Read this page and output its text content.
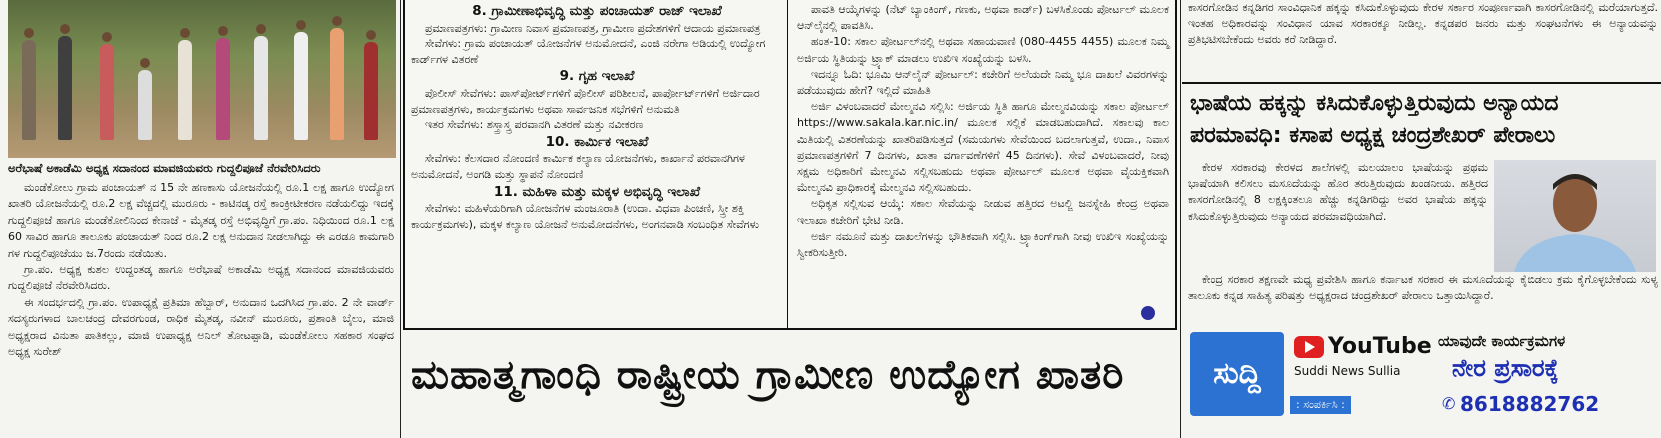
ಅರೆಭಾಷೆ ಅಕಾಡೆಮಿ ಅಧ್ಯಕ್ಷ ಸದಾನಂದ ಮಾವಜಿಯವರು ಗುದ್ದಲಿಪೂಜೆ ನೆರವೇರಿಸಿದರು

ಮಂಡೆಕೋಲು ಗ್ರಾಮ ಪಂಚಾಯತ್ ನ 15 ನೇ ಹಣಕಾಸು ಯೋಜನೆಯಲ್ಲಿ ರೂ.1 ಲಕ್ಷ ಹಾಗೂ ಉದ್ಯೋಗ ಖಾತರಿ ಯೋಜನೆಯಲ್ಲಿ ರೂ.2 ಲಕ್ಷ ವೆಚ್ಚದಲ್ಲಿ ಮುರೂರು - ಕಾಟಿನಡ್ಕ ರಸ್ತೆ ಕಾಂಕ್ರೀಟೀಕರಣ ನಡೆಯಲಿದ್ದು ಇದಕ್ಕೆ ಗುದ್ದಲಿಪೂಜೆ ಹಾಗೂ ಮಂಡೆಕೋಲಿನಿಂದ ಕೇನಾಜೆ - ಮೈತಡ್ಕ ರಸ್ತೆ ಅಭಿವೃದ್ಧಿಗೆ ಗ್ರಾ.ಪಂ. ನಿಧಿಯಿಂದ ರೂ.1 ಲಕ್ಷ 60 ಸಾವಿರ ಹಾಗೂ ತಾಲೂಕು ಪಂಚಾಯತ್ ನಿಂದ ರೂ.2 ಲಕ್ಷ ಅನುದಾನ ನೀಡಲಾಗಿದ್ದು ಈ ಎರಡೂ ಕಾಮಗಾರಿ ಗಳ ಗುದ್ದಲಿಪೂಜೆಯು ಜ.7ರಂದು ನಡೆಯಿತು.

ಗ್ರಾ.ಪಂ. ಅಧ್ಯಕ್ಷ ಕುಶಲ ಉದ್ದಂತಡ್ಕ ಹಾಗೂ ಅರೆಭಾಷೆ ಅಕಾಡೆಮಿ ಅಧ್ಯಕ್ಷ ಸದಾನಂದ ಮಾವಜಿಯವರು ಗುದ್ದಲಿಪೂಜೆ ನೆರವೇರಿಸಿದರು.

ಈ ಸಂದರ್ಭದಲ್ಲಿ ಗ್ರಾ.ಪಂ. ಉಪಾಧ್ಯಕ್ಷೆ ಪ್ರತಿಮಾ ಹೆಬ್ಬಾರ್, ಅನುದಾನ ಒದಗಿಸಿದ ಗ್ರಾ.ಪಂ. 2 ನೇ ವಾರ್ಡ್ ಸದಸ್ಯರುಗಳಾದ ಬಾಲಚಂದ್ರ ದೇವರಗುಂಡ, ರಾಧಿಕ ಮೈತಡ್ಕ, ನವೀನ್ ಮುರೂರು, ಪ್ರಶಾಂತಿ ಬೈಲು, ಮಾಜಿ ಅಧ್ಯಕ್ಷರಾದ ವಿನುತಾ ಪಾತಿಕಲ್ಲು, ಮಾಜಿ ಉಪಾಧ್ಯಕ್ಷ ಅನಿಲ್ ತೋಟಪ್ಪಾಡಿ, ಮಂಡೆಕೋಲು ಸಹಕಾರ ಸಂಘದ ಅಧ್ಯಕ್ಷ ಸುರೇಶ್

8. ಗ್ರಾಮೀಣಾಭಿವೃದ್ಧಿ ಮತ್ತು ಪಂಚಾಯತ್ ರಾಜ್ ಇಲಾಖೆ
ಪ್ರಮಾಣಪತ್ರಗಳು: ಗ್ರಾಮೀಣ ನಿವಾಸ ಪ್ರಮಾಣಪತ್ರ, ಗ್ರಾಮೀಣ ಪ್ರದೇಶಗಳಿಗೆ ಆದಾಯ ಪ್ರಮಾಣಪತ್ರ
ಸೇವೆಗಳು: ಗ್ರಾಮ ಪಂಚಾಯತ್ ಯೋಜನೆಗಳ ಅನುಮೋದನೆ, ಎಂಜಿ ನರೇಗಾ ಅಡಿಯಲ್ಲಿ ಉದ್ಯೋಗ ಕಾರ್ಡ್‌ಗಳ ವಿತರಣೆ
9. ಗೃಹ ಇಲಾಖೆ
ಪೊಲೀಸ್ ಸೇವೆಗಳು: ಪಾಸ್‌ಪೋರ್ಟ್‌ಗಳಿಗೆ ಪೊಲೀಸ್ ಪರಿಶೀಲನೆ, ಪಾರ್ಪೋರ್ಟ್‌ಗಳಿಗೆ ಅರ್ಜಿದಾರ ಪ್ರಮಾಣಪತ್ರಗಳು, ಕಾರ್ಯಕ್ರಮಗಳು ಅಥವಾ ಸಾರ್ವಜನಿಕ ಸಭೆಗಳಿಗೆ ಅನುಮತಿ
ಇತರ ಸೇವೆಗಳು: ಶಸ್ತ್ರಾಸ್ತ್ರ ಪರವಾನಗಿ ವಿತರಣೆ ಮತ್ತು ನವೀಕರಣ
10. ಕಾರ್ಮಿಕ ಇಲಾಖೆ
ಸೇವೆಗಳು: ಕೆಲಸದಾರ ನೋಂದಣಿ ಕಾರ್ಮಿಕ ಕಲ್ಯಾಣ ಯೋಜನೆಗಳು, ಕಾರ್ಖಾನೆ ಪರವಾನಗಿಗಳ ಅನುಮೋದನೆ, ಅಂಗಡಿ ಮತ್ತು ಸ್ಥಾಪನೆ ನೋಂದಣಿ
11. ಮಹಿಳಾ ಮತ್ತು ಮಕ್ಕಳ ಅಭಿವೃದ್ಧಿ ಇಲಾಖೆ
ಸೇವೆಗಳು: ಮಹಿಳೆಯರಿಗಾಗಿ ಯೋಜನೆಗಳ ಮಂಜೂರಾತಿ (ಉದಾ. ವಿಧವಾ ಪಿಂಚಣಿ, ಸ್ತ್ರೀ ಶಕ್ತಿ ಕಾರ್ಯಕ್ರಮಗಳು), ಮಕ್ಕಳ ಕಲ್ಯಾಣ ಯೋಜನೆ ಅನುಮೋದನೆಗಳು, ಅಂಗನವಾಡಿ ಸಂಬಂಧಿತ ಸೇವೆಗಳು

ಪಾವತಿ ಆಯ್ಕೆಗಳನ್ನು (ನೆಟ್ ಬ್ಯಾಂಕಿಂಗ್, ಗಣಕು, ಅಥವಾ ಕಾರ್ಡ್) ಬಳಸಿಕೊಂಡು ಪೋರ್ಟಲ್ ಮೂಲಕ ಆನ್‌ಲೈನಲ್ಲಿ ಪಾವತಿಸಿ.

ಹಂತ-10: ಸಕಾಲ ಪೋರ್ಟಲ್‌ನಲ್ಲಿ ಅಥವಾ ಸಹಾಯವಾಣಿ (080-4455 4455) ಮೂಲಕ ನಿಮ್ಮ ಅರ್ಜಿಯ ಸ್ಥಿತಿಯನ್ನು ಟ್ರ್ಯಾಕ್ ಮಾಡಲು ಉಖಿಇ ಸಂಖ್ಯೆಯನ್ನು ಬಳಸಿ.

ಇದನ್ನೂ ಓದಿ: ಭೂಮಿ ಆನ್‌ಲೈನ್ ಪೋರ್ಟಲ್: ಕಚೇರಿಗೆ ಅಲೆಯದೇ ನಿಮ್ಮ ಭೂ ದಾಖಲೆ ವಿವರಗಳನ್ನು ಪಡೆಯುವುದು ಹೇಗೆ? ಇಲ್ಲಿದೆ ಮಾಹಿತಿ

ಅರ್ಜಿ ವಿಳಂಬವಾದರೆ ಮೇಲ್ಮನವಿ ಸಲ್ಲಿಸಿ: ಅರ್ಜಿಯ ಸ್ಥಿತಿ ಹಾಗೂ ಮೇಲ್ಮನವಿಯನ್ನು ಸಕಾಲ ಪೋರ್ಟಲ್ https://www.sakala.kar.nic.in/ ಮೂಲಕ ಸಲ್ಲಿಕೆ ಮಾಡಬಹುದಾಗಿದೆ. ಸಕಾಲವು ಕಾಲ ಮಿತಿಯಲ್ಲಿ ವಿತರಣೆಯನ್ನು ಖಾತರಿಪಡಿಸುತ್ತದೆ (ಸಮಯಗಳು ಸೇವೆಯಿಂದ ಬದಲಾಗುತ್ತವೆ, ಉದಾ., ನಿವಾಸ ಪ್ರಮಾಣಪತ್ರಗಳಿಗೆ 7 ದಿನಗಳು, ಖಾತಾ ವರ್ಗಾವಣೆಗಳಿಗೆ 45 ದಿನಗಳು). ಸೇವೆ ವಿಳಂಬವಾದರೆ, ನೀವು ಸಕ್ಷಮ ಅಧಿಕಾರಿಗೆ ಮೇಲ್ಮನವಿ ಸಲ್ಲಿಸಬಹುದು ಅಥವಾ ಪೋರ್ಟಲ್ ಮೂಲಕ ಅಥವಾ ವೈಯಕ್ತಿಕವಾಗಿ ಮೇಲ್ಮನವಿ ಪ್ರಾಧಿಕಾರಕ್ಕೆ ಮೇಲ್ಮನವಿ ಸಲ್ಲಿಸಬಹುದು.

ಅಧಿಕೃತ ಸಲ್ಲಿಸುವ ಆಯ್ಕೆ: ಸಕಾಲ ಸೇವೆಯನ್ನು ನೀಡುವ ಹತ್ತಿರದ ಅಟಲ್ಜಿ ಜನಸ್ನೇಹಿ ಕೇಂದ್ರ ಅಥವಾ ಇಲಾಖಾ ಕಚೇರಿಗೆ ಭೇಟಿ ನೀಡಿ.

ಅರ್ಜಿ ನಮೂನೆ ಮತ್ತು ದಾಖಲೆಗಳನ್ನು ಭೌತಿಕವಾಗಿ ಸಲ್ಲಿಸಿ. ಟ್ರ್ಯಾಕಿಂಗ್‌ಗಾಗಿ ನೀವು ಉಖಿಇ ಸಂಖ್ಯೆಯನ್ನು ಸ್ವೀಕರಿಸುತ್ತೀರಿ.

ಮಹಾತ್ಮಗಾಂಧಿ ರಾಷ್ಟ್ರೀಯ ಗ್ರಾಮೀಣ ಉದ್ಯೋಗ ಖಾತರಿ

ಕಾಸರಗೋಡಿನ ಕನ್ನಡಿಗರ ಸಾಂವಿಧಾನಿಕ ಹಕ್ಕನ್ನು ಕಸಿದುಕೊಳ್ಳುವುದು ಕೇರಳ ಸರ್ಕಾರ ಸಂಪೂರ್ಣವಾಗಿ ಕಾಸರಗೋಡಿನಲ್ಲಿ ಮರೆಯಾಗುತ್ತದೆ. ಇಂತಹ ಅಧಿಕಾರವನ್ನು ಸಂವಿಧಾನ ಯಾವ ಸರಕಾರಕ್ಕೂ ನೀಡಿಲ್ಲ. ಕನ್ನಡಪರ ಜನರು ಮತ್ತು ಸಂಘಟನೆಗಳು ಈ ಅನ್ಯಾಯವನ್ನು ಪ್ರತಿಭಟಿಸಬೇಕೆಂದು ಅವರು ಕರೆ ನೀಡಿದ್ದಾರೆ.

ಭಾಷೆಯ ಹಕ್ಕನ್ನು ಕಸಿದುಕೊಳ್ಳುತ್ತಿರುವುದು ಅನ್ಯಾಯದ ಪರಮಾವಧಿ: ಕಸಾಪ ಅಧ್ಯಕ್ಷ ಚಂದ್ರಶೇಖರ್ ಪೇರಾಲು

ಕೇರಳ ಸರಕಾರವು ಕೇರಳದ ಶಾಲೆಗಳಲ್ಲಿ ಮಲಯಾಲಂ ಭಾಷೆಯನ್ನು ಪ್ರಥಮ ಭಾಷೆಯಾಗಿ ಕಲಿಸಲು ಮಸೂದೆಯನ್ನು ಹೊರ ತರುತ್ತಿರುವುದು ಖಂಡನೀಯ. ಹತ್ತಿರದ ಕಾಸರಗೋಡಿನಲ್ಲಿ 8 ಲಕ್ಷಕ್ಕಿಂತಲೂ ಹೆಚ್ಚು ಕನ್ನಡಿಗರಿದ್ದು ಅವರ ಭಾಷೆಯ ಹಕ್ಕನ್ನು ಕಸಿದುಕೊಳ್ಳುತ್ತಿರುವುದು ಅನ್ಯಾಯದ ಪರಮಾವಧಿಯಾಗಿದೆ.

ಕೇಂದ್ರ ಸರಕಾರ ತಕ್ಷಣವೇ ಮಧ್ಯ ಪ್ರವೇಶಿಸಿ ಹಾಗೂ ಕರ್ನಾಟಕ ಸರಕಾರ ಈ ಮಸೂದೆಯನ್ನು ಕೈಬಿಡಲು ಕ್ರಮ ಕೈಗೊಳ್ಳಬೇಕೆಂದು ಸುಳ್ಯ ತಾಲೂಕು ಕನ್ನಡ ಸಾಹಿತ್ಯ ಪರಿಷತ್ತು ಅಧ್ಯಕ್ಷರಾದ ಚಂದ್ರಶೇಖರ್ ಪೇರಾಲು ಒತ್ತಾಯಿಸಿದ್ದಾರೆ.

ಸುದ್ದಿ
YouTube
Suddi News Sullia
ಯಾವುದೇ ಕಾರ್ಯಕ್ರಮಗಳ
ನೇರ ಪ್ರಸಾರಕ್ಕೆ
: ಸಂಪರ್ಕಿಸಿ :	✆ 8618882762
